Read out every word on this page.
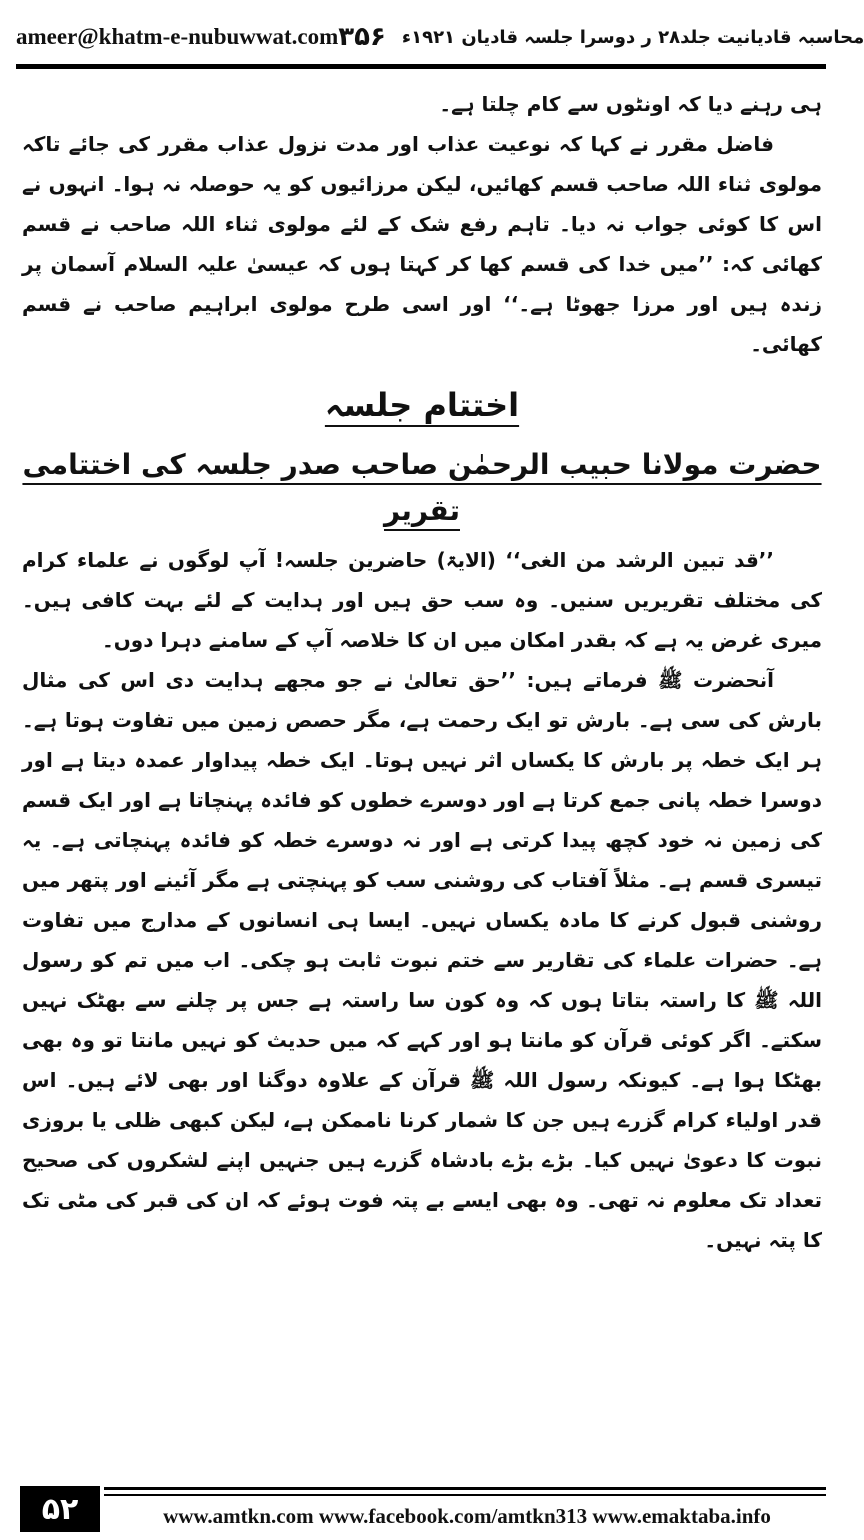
ameer@khatm-e-nubuwwat.com	محاسبہ قادیانیت جلد۲۸ ر دوسرا جلسہ قادیان ۱۹۲۱ء
۳۵۶

ہی رہنے دیا کہ اونٹوں سے کام چلتا ہے۔

فاضل مقرر نے کہا کہ نوعیت عذاب اور مدت نزول عذاب مقرر کی جائے تاکہ مولوی ثناء اللہ صاحب قسم کھائیں، لیکن مرزائیوں کو یہ حوصلہ نہ ہوا۔ انہوں نے اس کا کوئی جواب نہ دیا۔ تاہم رفع شک کے لئے مولوی ثناء اللہ صاحب نے قسم کھائی کہ: ’’میں خدا کی قسم کھا کر کہتا ہوں کہ عیسیٰ علیہ السلام آسمان پر زندہ ہیں اور مرزا جھوٹا ہے۔‘‘ اور اسی طرح مولوی ابراہیم صاحب نے قسم کھائی۔

اختتام جلسہ
حضرت مولانا حبیب الرحمٰن صاحب صدر جلسہ کی اختتامی تقریر

’’قد تبین الرشد من الغی‘‘ (الایۃ) حاضرین جلسہ! آپ لوگوں نے علماء کرام کی مختلف تقریریں سنیں۔ وہ سب حق ہیں اور ہدایت کے لئے بہت کافی ہیں۔ میری غرض یہ ہے کہ بقدر امکان میں ان کا خلاصہ آپ کے سامنے دہرا دوں۔

آنحضرت ﷺ فرماتے ہیں: ’’حق تعالیٰ نے جو مجھے ہدایت دی اس کی مثال بارش کی سی ہے۔ بارش تو ایک رحمت ہے، مگر حصص زمین میں تفاوت ہوتا ہے۔ ہر ایک خطہ پر بارش کا یکساں اثر نہیں ہوتا۔ ایک خطہ پیداوار عمدہ دیتا ہے اور دوسرا خطہ پانی جمع کرتا ہے اور دوسرے خطوں کو فائدہ پہنچاتا ہے اور ایک قسم کی زمین نہ خود کچھ پیدا کرتی ہے اور نہ دوسرے خطہ کو فائدہ پہنچاتی ہے۔ یہ تیسری قسم ہے۔ مثلاً آفتاب کی روشنی سب کو پہنچتی ہے مگر آئینے اور پتھر میں روشنی قبول کرنے کا مادہ یکساں نہیں۔ ایسا ہی انسانوں کے مدارج میں تفاوت ہے۔ حضرات علماء کی تقاریر سے ختم نبوت ثابت ہو چکی۔ اب میں تم کو رسول اللہ ﷺ کا راستہ بتاتا ہوں کہ وہ کون سا راستہ ہے جس پر چلنے سے بھٹک نہیں سکتے۔ اگر کوئی قرآن کو مانتا ہو اور کہے کہ میں حدیث کو نہیں مانتا تو وہ بھی بھٹکا ہوا ہے۔ کیونکہ رسول اللہ ﷺ قرآن کے علاوہ دوگنا اور بھی لائے ہیں۔ اس قدر اولیاء کرام گزرے ہیں جن کا شمار کرنا ناممکن ہے، لیکن کبھی ظلی یا بروزی نبوت کا دعویٰ نہیں کیا۔ بڑے بڑے بادشاہ گزرے ہیں جنہیں اپنے لشکروں کی صحیح تعداد تک معلوم نہ تھی۔ وہ بھی ایسے بے پتہ فوت ہوئے کہ ان کی قبر کی مٹی تک کا پتہ نہیں۔

۵۲	www.amtkn.com www.facebook.com/amtkn313 www.emaktaba.info
